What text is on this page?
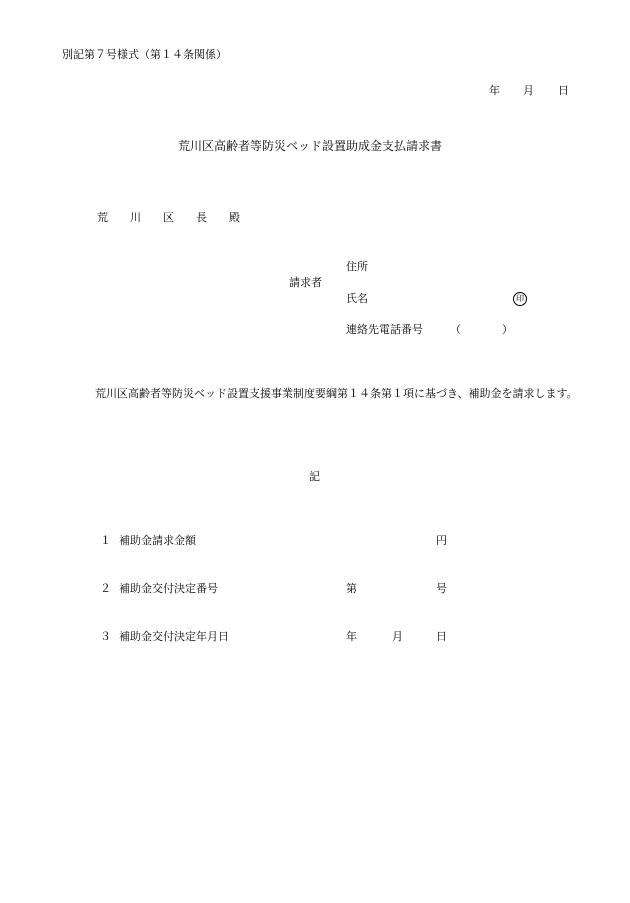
別記第７号様式（第１４条関係）
年 月 日
荒川区高齢者等防災ベッド設置助成金支払請求書
荒川区長殿
請求者
住所
氏名	印
連絡先電話番号 （	）
荒川区高齢者等防災ベッド設置支援事業制度要綱第１４条第１項に基づき、補助金を請求します。
記
１ 補助金請求金額	円
２ 補助金交付決定番号	第	号
３ 補助金交付決定年月日	年	月	日
